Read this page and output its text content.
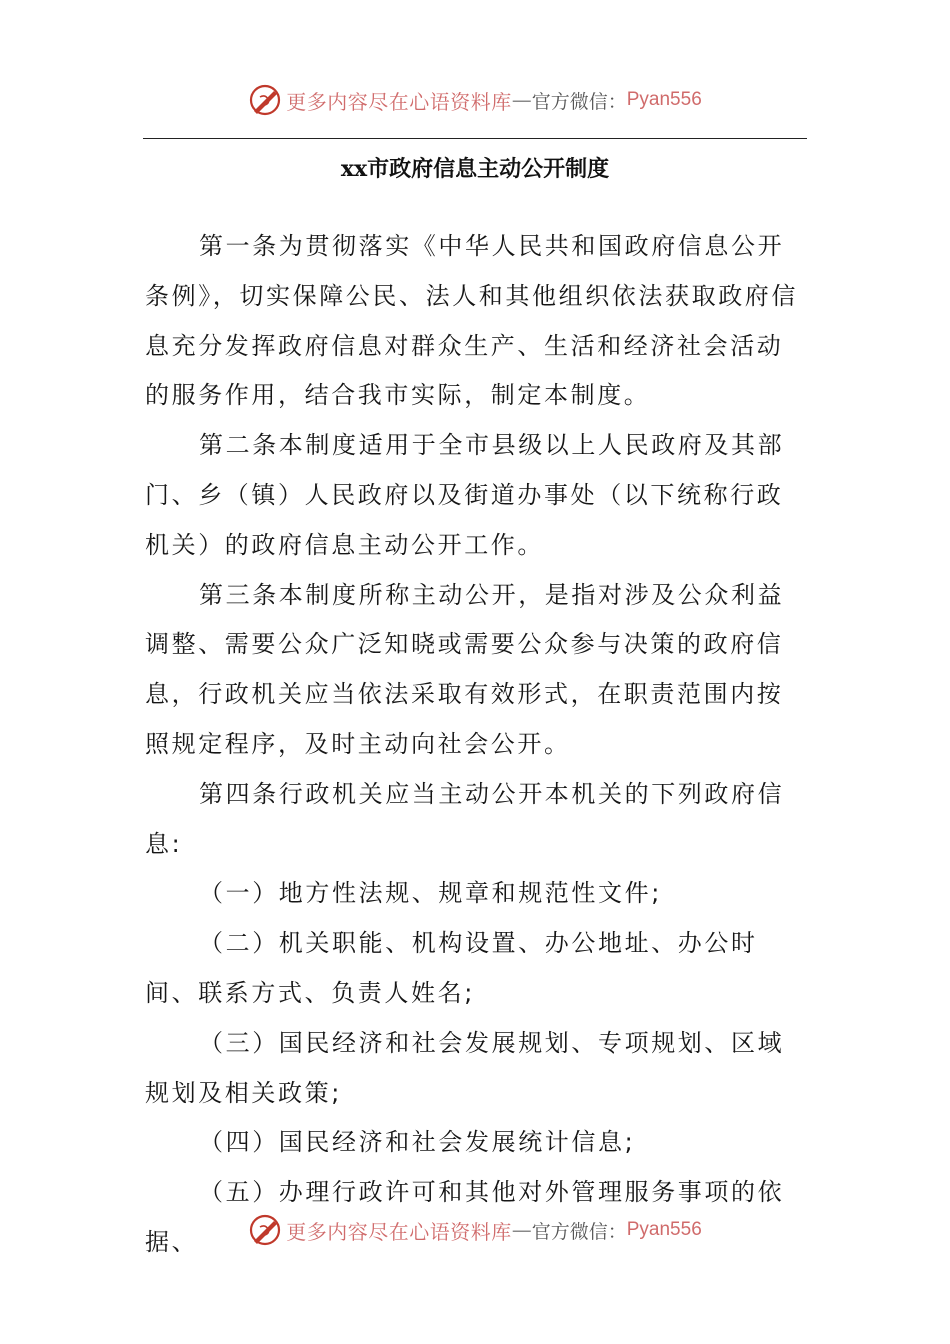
更多内容尽在心语资料库 — 官方微信： Pyan556
xx市政府信息主动公开制度

第一条为贯彻落实《中华人民共和国政府信息公开条例》，切实保障公民、法人和其他组织依法获取政府信息充分发挥政府信息对群众生产、生活和经济社会活动的服务作用，结合我市实际，制定本制度。

第二条本制度适用于全市县级以上人民政府及其部门、乡（镇）人民政府以及街道办事处（以下统称行政机关）的政府信息主动公开工作。

第三条本制度所称主动公开，是指对涉及公众利益调整、需要公众广泛知晓或需要公众参与决策的政府信息，行政机关应当依法采取有效形式，在职责范围内按照规定程序，及时主动向社会公开。

第四条行政机关应当主动公开本机关的下列政府信息:

（一）地方性法规、规章和规范性文件;

（二）机关职能、机构设置、办公地址、办公时间、联系方式、负责人姓名;

（三）国民经济和社会发展规划、专项规划、区域规划及相关政策;

（四）国民经济和社会发展统计信息;

（五）办理行政许可和其他对外管理服务事项的依据、	更多内容尽在心语资料库 — 官方微信： Pyan556
